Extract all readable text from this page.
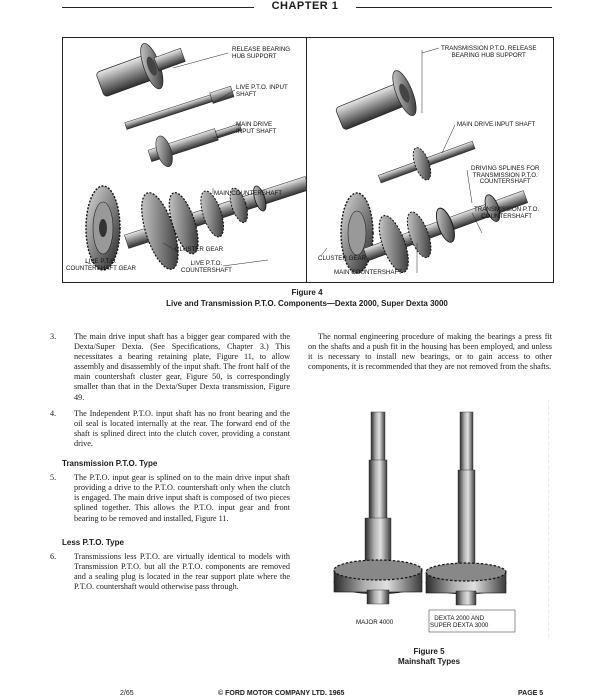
CHAPTER 1
RELEASE BEARING
HUB SUPPORT
LIVE P.T.O. INPUT
SHAFT
MAIN DRIVE
INPUT SHAFT
MAIN COUNTERSHAFT
CLUSTER GEAR
LIVE P.T.O.
COUNTERSHAFT GEAR
LIVE P.T.O.
COUNTERSHAFT
TRANSMISSION P.T.O. RELEASE
BEARING HUB SUPPORT
MAIN DRIVE INPUT SHAFT
DRIVING SPLINES FOR
TRANSMISSION P.T.O.
COUNTERSHAFT
TRANSMISSION P.T.O.
COUNTERSHAFT
CLUSTER GEAR
MAIN COUNTERSHAFT
Figure 4
Live and Transmission P.T.O. Components—Dexta 2000, Super Dexta 3000

3. The main drive input shaft has a bigger gear compared with the Dexta/Super Dexta. (See Specifications, Chapter 3.) This necessitates a bearing retaining plate, Figure 11, to allow assembly and disassembly of the input shaft. The front half of the main countershaft cluster gear, Figure 50, is correspondingly smaller than that in the Dexta/Super Dexta transmission, Figure 49.

4. The Independent P.T.O. input shaft has no front bearing and the oil seal is located internally at the rear. The forward end of the shaft is splined direct into the clutch cover, providing a constant drive.

Transmission P.T.O. Type

5. The P.T.O. input gear is splined on to the main drive input shaft providing a drive to the P.T.O. countershaft only when the clutch is engaged. The main drive input shaft is composed of two pieces splined together. This allows the P.T.O. input gear and front bearing to be removed and installed, Figure 11.

Less P.T.O. Type

6. Transmissions less P.T.O. are virtually identical to models with Transmission P.T.O. but all the P.T.O. components are removed and a sealing plug is located in the rear support plate where the P.T.O. countershaft would otherwise pass through.

The normal engineering procedure of making the bearings a press fit on the shafts and a push fit in the housing has been employed, and unless it is necessary to install new bearings, or to gain access to other components, it is recommended that they are not removed from the shafts.

MAJOR 4000
DEXTA 2000 AND
SUPER DEXTA 3000
Figure 5
Mainshaft Types
2/65	© FORD MOTOR COMPANY LTD. 1965	PAGE 5
